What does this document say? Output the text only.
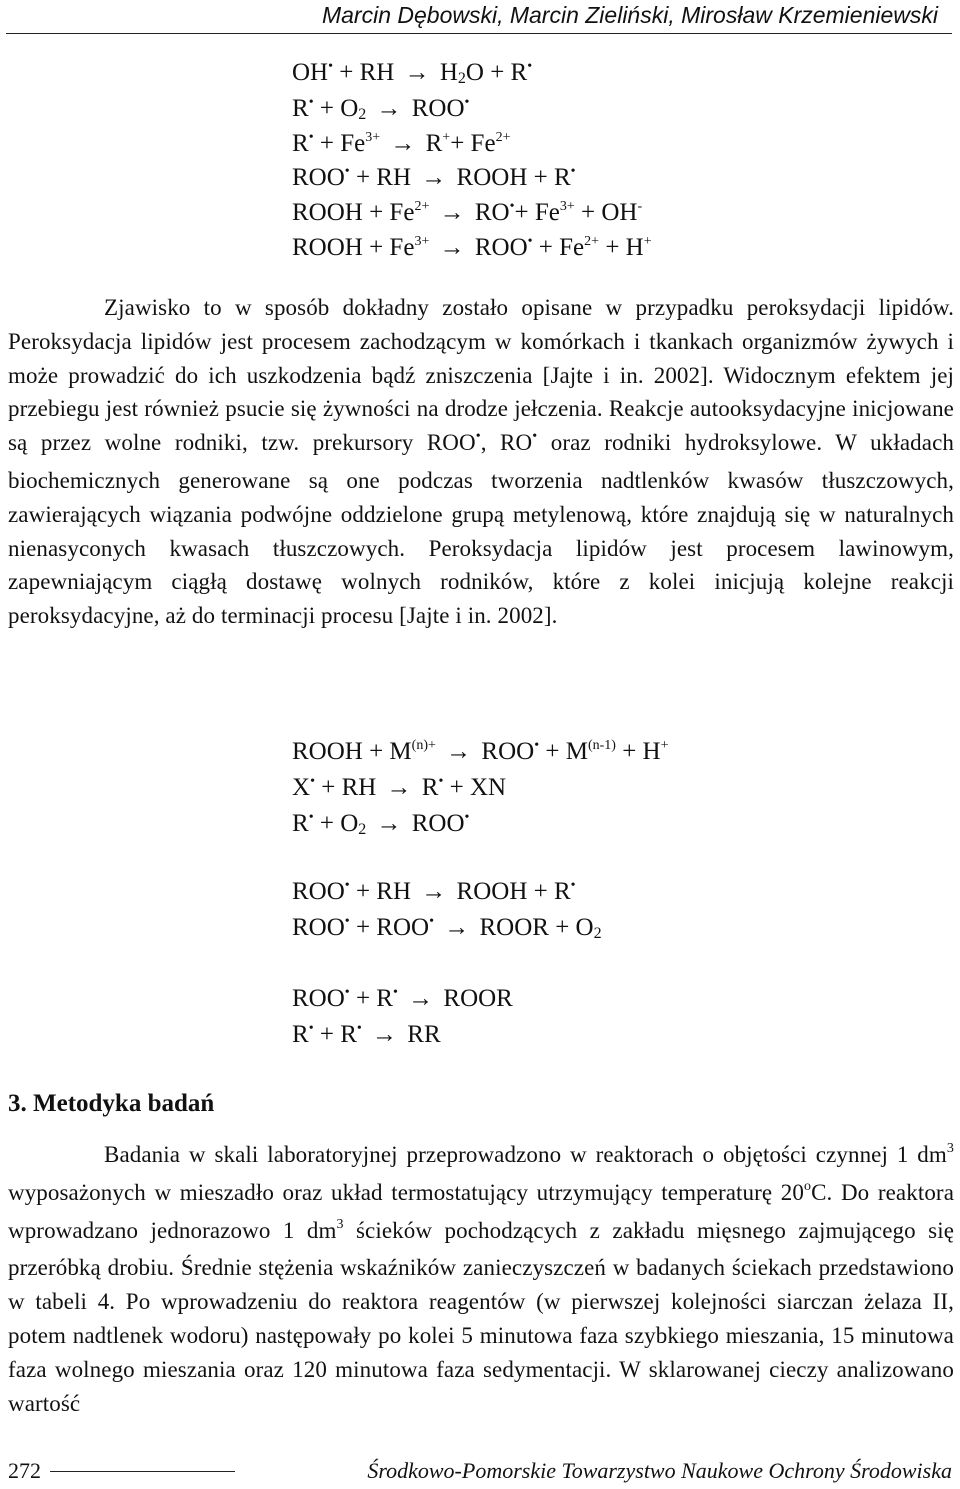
Marcin Dębowski, Marcin Zieliński, Mirosław Krzemieniewski
OH• + RH → $H_2O + R^•$
$R^• + O_2 \to ROO^•$
$R^• + Fe^{3+} \to R^++ Fe^{2+}$
ROO• + RH → ROOH + R•
ROOH + $Fe^{2+} \to RO^•+ Fe^{3+} + OH^-$
ROOH + $Fe^{3+} \to ROO^• + Fe^{2+} + H^+$
Zjawisko to w sposób dokładny zostało opisane w przypadku peroksydacji lipidów. Peroksydacja lipidów jest procesem zachodzącym w komórkach i tkankach organizmów żywych i może prowadzić do ich uszkodzenia bądź zniszczenia [Jajte i in. 2002]. Widocznym efektem jej przebiegu jest również psucie się żywności na drodze jełczenia. Reakcje autooksydacyjne inicjowane są przez wolne rodniki, tzw. prekursory ROO•, RO• oraz rodniki hydroksylowe. W układach biochemicznych generowane są one podczas tworzenia nadtlenków kwasów tłuszczowych, zawierających wiązania podwójne oddzielone grupą metylenową, które znajdują się w naturalnych nienasyconych kwasach tłuszczowych. Peroksydacja lipidów jest procesem lawinowym, zapewniającym ciągłą dostawę wolnych rodników, które z kolei inicjują kolejne reakcji peroksydacyjne, aż do terminacji procesu [Jajte i in. 2002].
ROOH + $M^{(n)+} \to ROO^• + M^{(n-1)} + H^+$
X• + RH → R• + XN
$R^• + O_2 \to ROO^•$
ROO• + RH → ROOH + R•
ROO• + ROO• → ROOR + $O_2$
ROO• + R• → ROOR
R• + R• → RR
3. Metodyka badań
Badania w skali laboratoryjnej przeprowadzono w reaktorach o objętości czynnej 1 $dm^3$ wyposażonych w mieszadło oraz układ termostatujący utrzymujący temperaturę 20$^o$C. Do reaktora wprowadzano jednorazowo 1 $dm^3$ ścieków pochodzących z zakładu mięsnego zajmującego się przeróbką drobiu. Średnie stężenia wskaźników zanieczyszczeń w badanych ściekach przedstawiono w tabeli 4. Po wprowadzeniu do reaktora reagentów (w pierwszej kolejności siarczan żelaza II, potem nadtlenek wodoru) następowały po kolei 5 minutowa faza szybkiego mieszania, 15 minutowa faza wolnego mieszania oraz 120 minutowa faza sedymentacji. W sklarowanej cieczy analizowano wartość
272	Środkowo-Pomorskie Towarzystwo Naukowe Ochrony Środowiska
